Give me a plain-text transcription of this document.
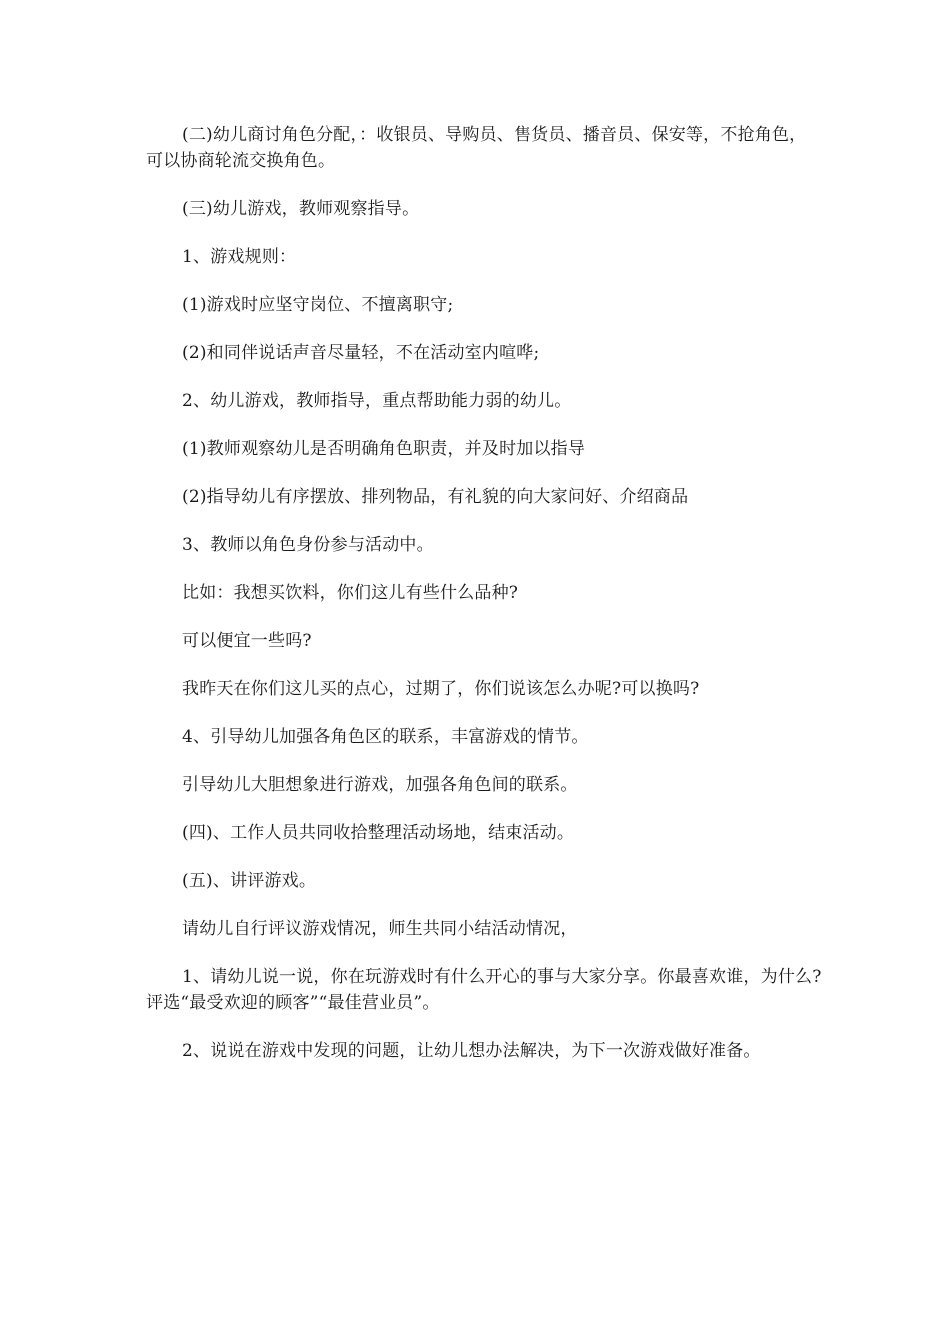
(二)幼儿商讨角色分配，：收银员、导购员、售货员、播音员、保安等，不抢角色，可以协商轮流交换角色。

(三)幼儿游戏，教师观察指导。

1、游戏规则：

(1)游戏时应坚守岗位、不擅离职守;

(2)和同伴说话声音尽量轻，不在活动室内喧哗;

2、幼儿游戏，教师指导，重点帮助能力弱的幼儿。

(1)教师观察幼儿是否明确角色职责，并及时加以指导

(2)指导幼儿有序摆放、排列物品，有礼貌的向大家问好、介绍商品

3、教师以角色身份参与活动中。

比如：我想买饮料，你们这儿有些什么品种?

可以便宜一些吗?

我昨天在你们这儿买的点心，过期了，你们说该怎么办呢?可以换吗?

4、引导幼儿加强各角色区的联系，丰富游戏的情节。

引导幼儿大胆想象进行游戏，加强各角色间的联系。

(四)、工作人员共同收拾整理活动场地，结束活动。

(五)、讲评游戏。

请幼儿自行评议游戏情况，师生共同小结活动情况，

1、请幼儿说一说，你在玩游戏时有什么开心的事与大家分享。你最喜欢谁，为什么?评选“最受欢迎的顾客”“最佳营业员”。

2、说说在游戏中发现的问题，让幼儿想办法解决，为下一次游戏做好准备。
